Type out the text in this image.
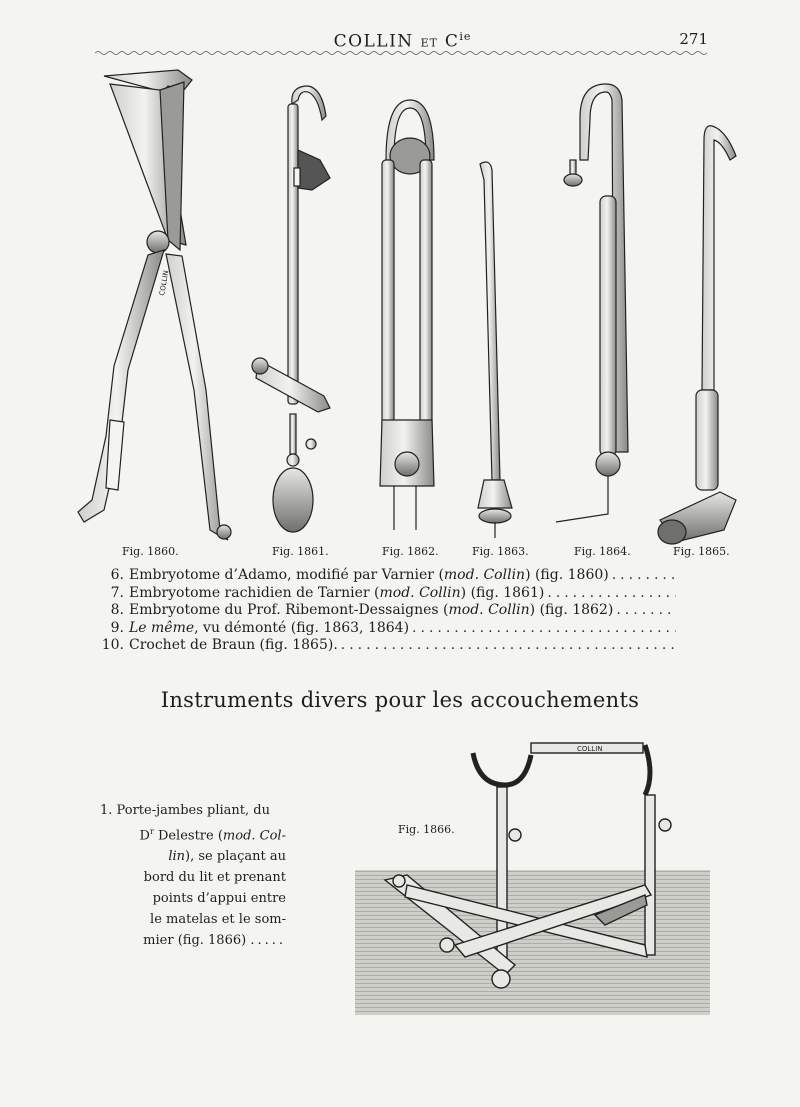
COLLIN ET $C^{ie}$	271
COLLIN
Fig. 1860.	Fig. 1861.	Fig. 1862.	Fig. 1863.	Fig. 1864.	Fig. 1865.
6. Embryotome d’Adamo, modifié par Varnier (mod. Collin) (fig. 1860)
.....
7. Embryotome rachidien de Tarnier (mod. Collin) (fig. 1861)
.....
8. Embryotome du Prof. Ribemont-Dessaignes (mod. Collin) (fig. 1862)
.....
9. Le même, vu démonté (fig. 1863, 1864)
.....
10. Crochet de Braun (fig. 1865).
.....
Instruments divers pour les accouchements
1. Porte-jambes pliant, du
$D^r$ Delestre (mod. Col-
lin), se plaçant au
bord du lit et prenant
points d’appui entre
le matelas et le som-
mier (fig. 1866) .....
COLLIN
Fig. 1866.
